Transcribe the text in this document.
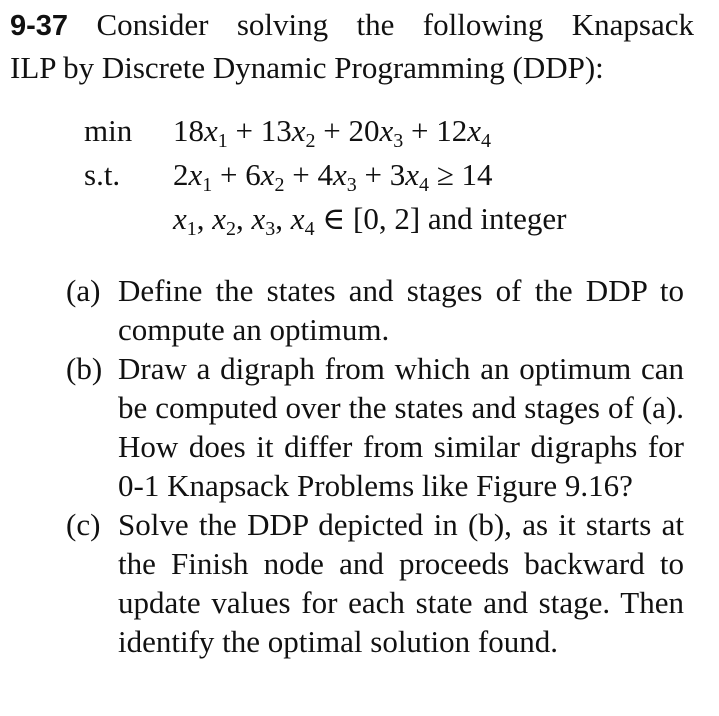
9-37 Consider solving the following Knapsack
ILP by Discrete Dynamic Programming (DDP):
$\min 18x_1 + 13x_2 + 20x_3 + 12x_4$
s.t. $2x_1 + 6x_2 + 4x_3 + 3x_4 \ge 14$
$x_1$, $x_2$, $x_3$, $x_4$ ∈ [0, 2] and integer
(a) Define the states and stages of the DDP to compute an optimum.
(b) Draw a digraph from which an optimum can be computed over the states and stages of (a). How does it differ from similar digraphs for 0-1 Knapsack Problems like Figure 9.16?
(c) Solve the DDP depicted in (b), as it starts at the Finish node and proceeds backward to update values for each state and stage. Then identify the optimal solution found.
